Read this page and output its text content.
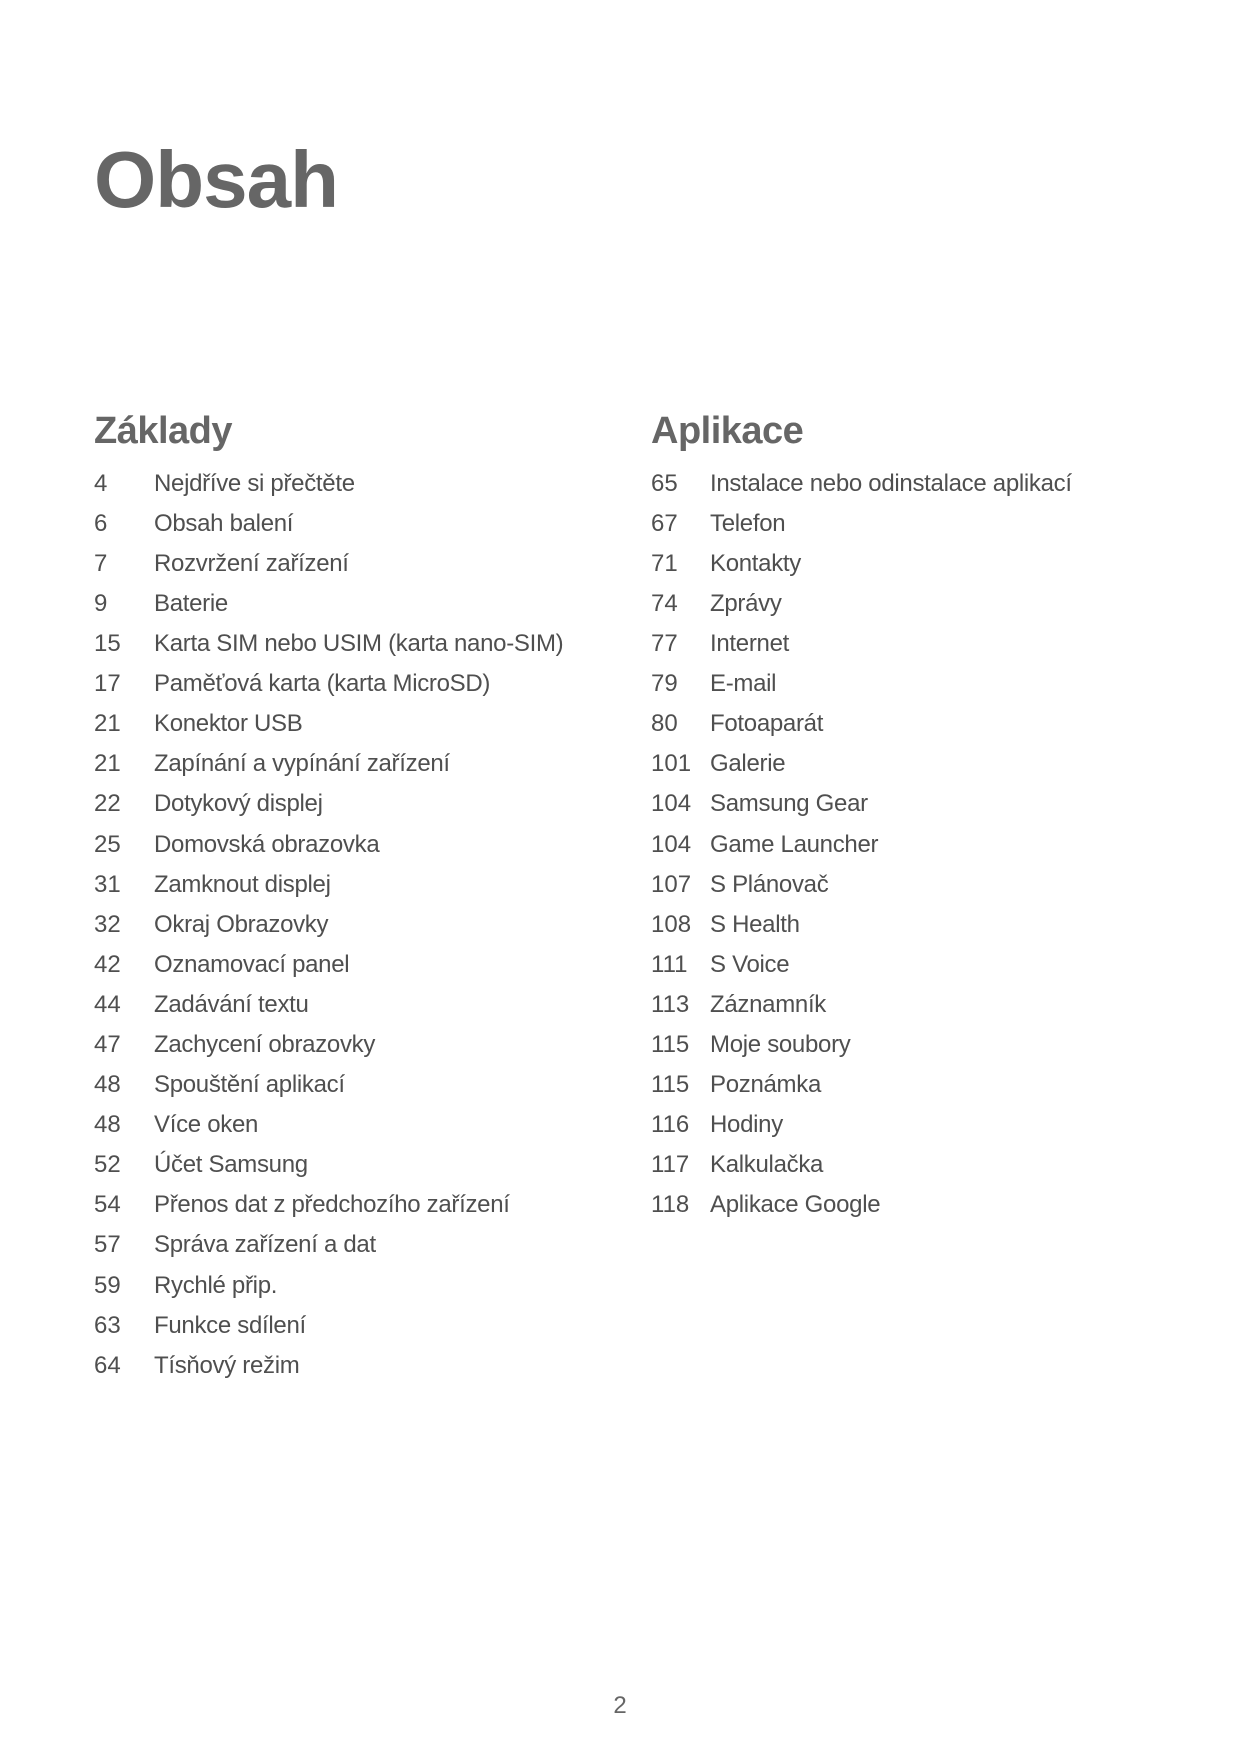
Obsah
Základy
4	Nejdříve si přečtěte
6	Obsah balení
7	Rozvržení zařízení
9	Baterie
15	Karta SIM nebo USIM (karta nano-SIM)
17	Paměťová karta (karta MicroSD)
21	Konektor USB
21	Zapínání a vypínání zařízení
22	Dotykový displej
25	Domovská obrazovka
31	Zamknout displej
32	Okraj Obrazovky
42	Oznamovací panel
44	Zadávání textu
47	Zachycení obrazovky
48	Spouštění aplikací
48	Více oken
52	Účet Samsung
54	Přenos dat z předchozího zařízení
57	Správa zařízení a dat
59	Rychlé přip.
63	Funkce sdílení
64	Tísňový režim
Aplikace
65	Instalace nebo odinstalace aplikací
67	Telefon
71	Kontakty
74	Zprávy
77	Internet
79	E-mail
80	Fotoaparát
101 Galerie
104 Samsung Gear
104 Game Launcher
107 S Plánovač
108 S Health
111 S Voice
113 Záznamník
115 Moje soubory
115 Poznámka
116 Hodiny
117 Kalkulačka
118 Aplikace Google
2
